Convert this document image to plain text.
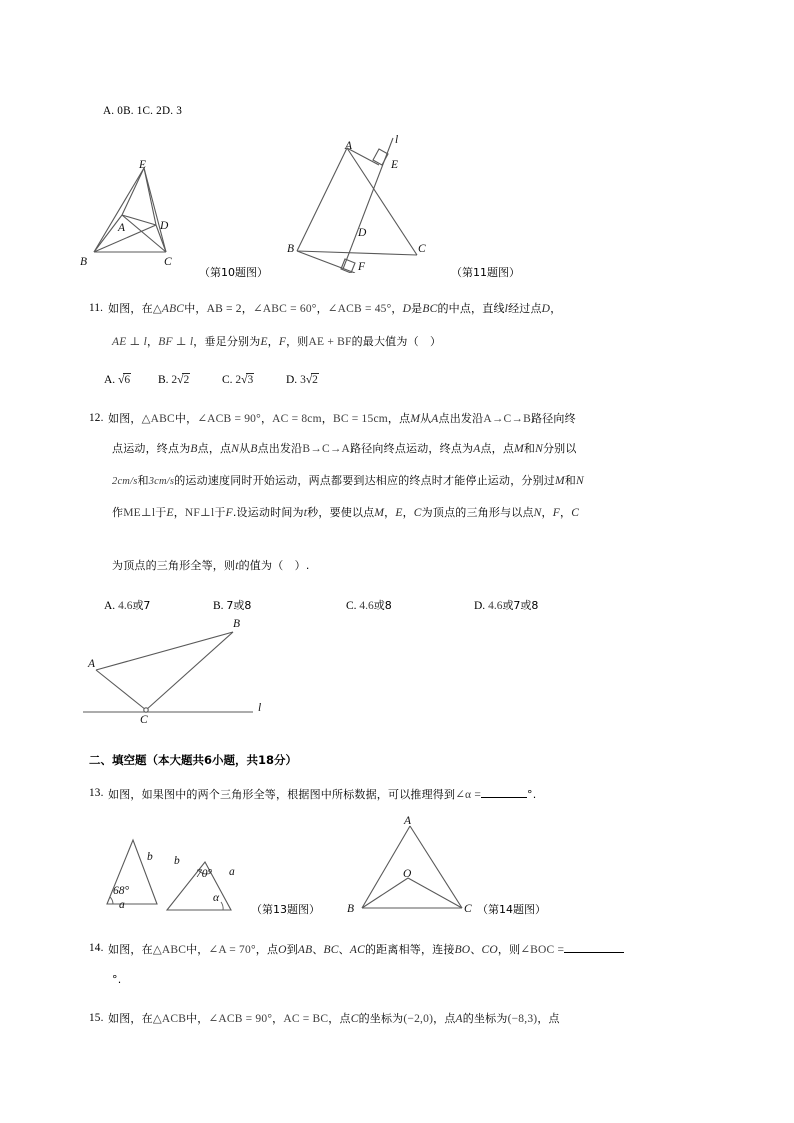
A. 0B. 1C. 2D. 3
E
A	D
B	C
（第10题图）
A	l
E
D
B	C
F	（第11题图）
11. 如图，在△ABC中，AB = 2，∠ABC = 60°，∠ACB = 45°，D是BC的中点，直线l经过点D，
AE ⊥ l，BF ⊥ l，垂足分别为E，F，则AE + BF的最大值为（　）
A. √6 B. 2√2	C. 2√3	D. 3√2
12. 如图，△ABC中，∠ACB = 90°，AC = 8cm，BC = 15cm，点M从A点出发沿A→C→B路径向终
点运动，终点为B点，点N从B点出发沿B→C→A路径向终点运动，终点为A点，点M和N分别以
2cm/s和3cm/s的运动速度同时开始运动，两点都要到达相应的终点时才能停止运动，分别过M和N
作ME⊥l于E，NF⊥l于F.设运动时间为t秒，要使以点M，E，C为顶点的三角形与以点N，F，C
为顶点的三角形全等，则t的值为（　）.
A. 4.6或7	B. 7或8	C. 4.6或8	D. 4.6或7或8
A
B
C
l
二、填空题（本大题共6小题，共18分）
13. 如图，如果图中的两个三角形全等，根据图中所标数据，可以推理得到∠α =	°.
68°
a
b b
70° a
α
（第13题图）
A
O
B	C （第14题图）
14. 如图，在△ABC中，∠A = 70°，点O到AB、BC、AC的距离相等，连接BO、CO，则∠BOC =
°.
15. 如图，在△ACB中，∠ACB = 90°，AC = BC，点C的坐标为(−2,0)，点A的坐标为(−8,3)，点
